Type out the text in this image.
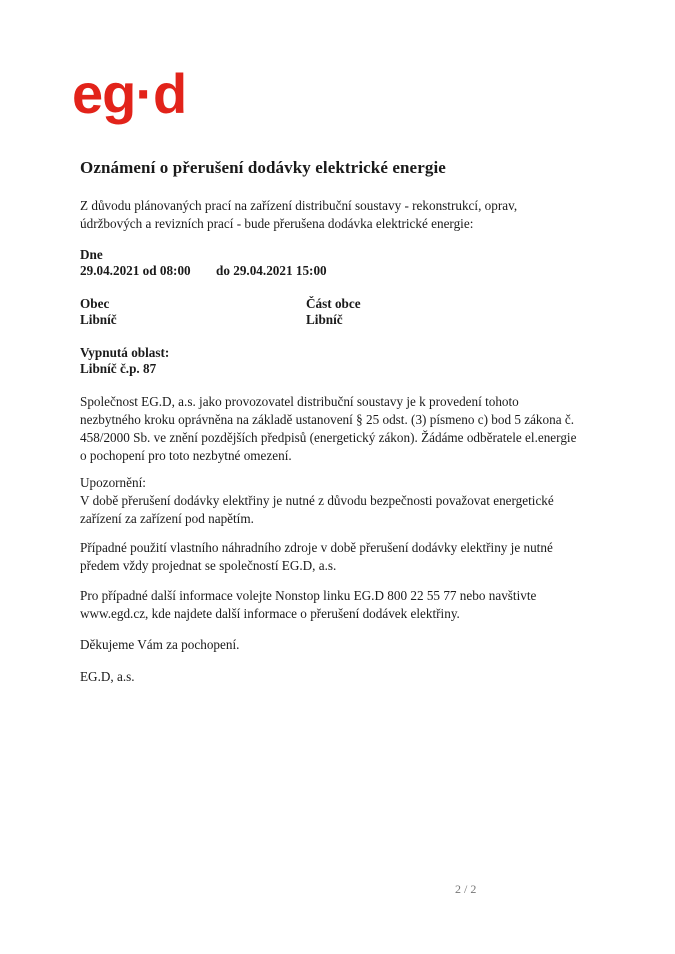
eg·d
Oznámení o přerušení dodávky elektrické energie
Z důvodu plánovaných prací na zařízení distribuční soustavy - rekonstrukcí, oprav,
údržbových a revizních prací - bude přerušena dodávka elektrické energie:
Dne
29.04.2021 od 08:00 do 29.04.2021 15:00
Obec
Libníč
Část obce
Libníč
Vypnutá oblast:
Libníč č.p. 87
Společnost EG.D, a.s. jako provozovatel distribuční soustavy je k provedení tohoto
nezbytného kroku oprávněna na základě ustanovení § 25 odst. (3) písmeno c) bod 5 zákona č.
458/2000 Sb. ve znění pozdějších předpisů (energetický zákon). Žádáme odběratele el.energie
o pochopení pro toto nezbytné omezení.
Upozornění:
V době přerušení dodávky elektřiny je nutné z důvodu bezpečnosti považovat energetické
zařízení za zařízení pod napětím.
Případné použití vlastního náhradního zdroje v době přerušení dodávky elektřiny je nutné
předem vždy projednat se společností EG.D, a.s.
Pro případné další informace volejte Nonstop linku EG.D 800 22 55 77 nebo navštivte
www.egd.cz, kde najdete další informace o přerušení dodávek elektřiny.
Děkujeme Vám za pochopení.
EG.D, a.s.
2 / 2
